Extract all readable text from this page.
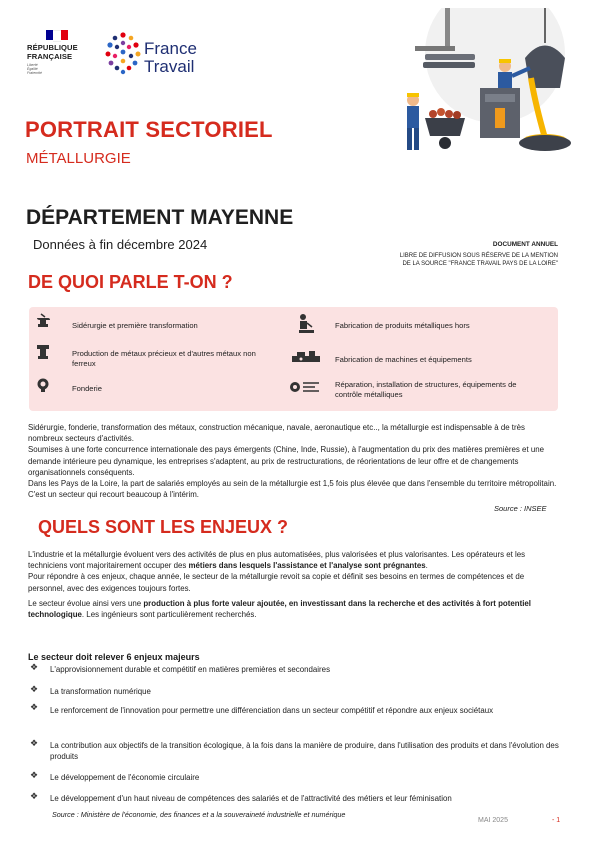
RÉPUBLIQUE
FRANÇAISE
Liberté
Égalité
Fraternité
France
Travail
PORTRAIT SECTORIEL
MÉTALLURGIE
DÉPARTEMENT MAYENNE
Données à fin décembre 2024	DOCUMENT ANNUEL
LIBRE DE DIFFUSION SOUS RÉSERVE DE LA MENTION
DE LA SOURCE "FRANCE TRAVAIL PAYS DE LA LOIRE"
DE QUOI PARLE T-ON ?
Sidérurgie et première transformation	Fabrication de produits métalliques hors
Production de métaux précieux et d'autres métaux non ferreux	Fabrication de machines et équipements
Fonderie	Réparation, installation de structures, équipements de contrôle métalliques
Sidérurgie, fonderie, transformation des métaux, construction mécanique, navale, aeronautique etc.., la métallurgie est indispensable à de très nombreux secteurs d'activités.
Soumises à une forte concurrence internationale des pays émergents (Chine, Inde, Russie), à l'augmentation du prix des matières premières et une demande intérieure peu dynamique, les entreprises s'adaptent, au prix de restructurations, de réorientations de leur offre et de changements organisationnels conséquents.
Dans les Pays de la Loire, la part de salariés employés au sein de la métallurgie est 1,5 fois plus élevée que dans l'ensemble du territoire métropolitain. C'est un secteur qui recourt beaucoup à l'intérim.
Source : INSEE
QUELS SONT LES ENJEUX ?
L'industrie et la métallurgie évoluent vers des activités de plus en plus automatisées, plus valorisées et plus valorisantes. Les opérateurs et les techniciens vont majoritairement occuper des métiers dans lesquels l'assistance et l'analyse sont prégnantes.
Pour répondre à ces enjeux, chaque année, le secteur de la métallurgie revoit sa copie et définit ses besoins en termes de compétences et de personnel, avec des exigences toujours fortes.
Le secteur évolue ainsi vers une production à plus forte valeur ajoutée, en investissant dans la recherche et des activités à fort potentiel technologique. Les ingénieurs sont particulièrement recherchés.
Le secteur doit relever 6 enjeux majeurs
❖ L'approvisionnement durable et compétitif en matières premières et secondaires
❖ La transformation numérique
❖ Le renforcement de l'innovation pour permettre une différenciation dans un secteur compétitif et répondre aux enjeux sociétaux
❖ La contribution aux objectifs de la transition écologique, à la fois dans la manière de produire, dans l'utilisation des produits et dans l'évolution des produits
❖ Le développement de l'économie circulaire
❖ Le développement d'un haut niveau de compétences des salariés et de l'attractivité des métiers et leur féminisation
Source : Ministère de l'économie, des finances et a la souveraineté industrielle et numérique
MAI 2025	- 1
